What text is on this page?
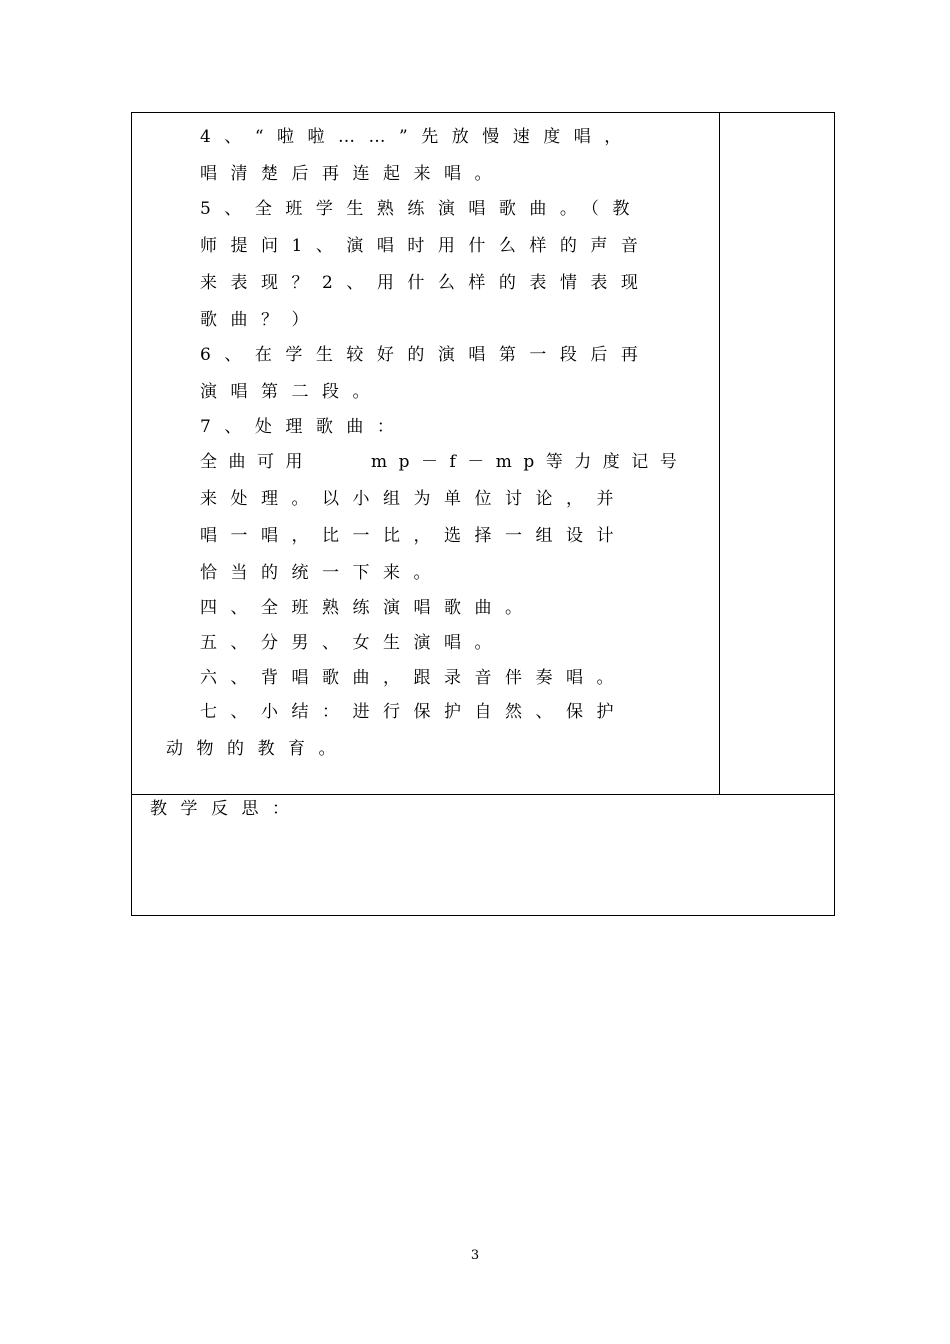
4、“啦啦……”先放慢速度唱，
唱清楚后再连起来唱。
5、全班学生熟练演唱歌曲。（教
师提问1、演唱时用什么样的声音
来表现？2、用什么样的表情表现
歌曲？）
6、在学生较好的演唱第一段后再
演唱第二段。
7、处理歌曲：
全曲可用　　mp－f－mp等力度记号
来处理。以小组为单位讨论，并
唱一唱，比一比，选择一组设计
恰当的统一下来。
四、全班熟练演唱歌曲。
五、分男、女生演唱。
六、背唱歌曲，跟录音伴奏唱。
七、小结：进行保护自然、保护
动物的教育。
教学反思：
3
